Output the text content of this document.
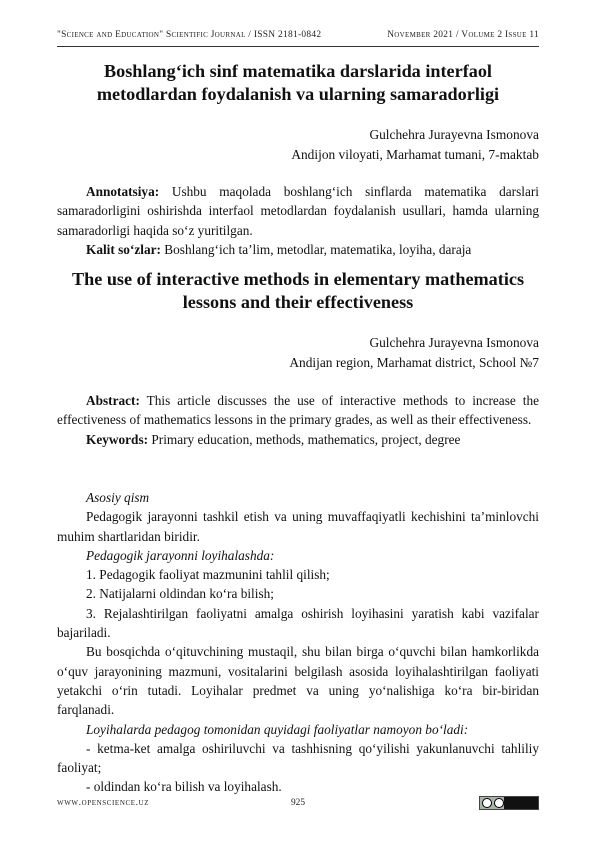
"Science and Education" Scientific Journal / ISSN 2181-0842	November 2021 / Volume 2 Issue 11
Boshlang‘ich sinf matematika darslarida interfaol
metodlardan foydalanish va ularning samaradorligi
Gulchehra Jurayevna Ismonova
Andijon viloyati, Marhamat tumani, 7-maktab

Annotatsiya: Ushbu maqolada boshlang‘ich sinflarda matematika darslari samaradorligini oshirishda interfaol metodlardan foydalanish usullari, hamda ularning samaradorligi haqida so‘z yuritilgan.

Kalit so‘zlar: Boshlang‘ich ta’lim, metodlar, matematika, loyiha, daraja

The use of interactive methods in elementary mathematics
lessons and their effectiveness
Gulchehra Jurayevna Ismonova
Andijan region, Marhamat district, School №7

Abstract: This article discusses the use of interactive methods to increase the effectiveness of mathematics lessons in the primary grades, as well as their effectiveness.

Keywords: Primary education, methods, mathematics, project, degree

Asosiy qism

Pedagogik jarayonni tashkil etish va uning muvaffaqiyatli kechishini ta’minlovchi muhim shartlaridan biridir.

Pedagogik jarayonni loyihalashda:

1. Pedagogik faoliyat mazmunini tahlil qilish;

2. Natijalarni oldindan ko‘ra bilish;

3. Rejalashtirilgan faoliyatni amalga oshirish loyihasini yaratish kabi vazifalar bajariladi.

Bu bosqichda o‘qituvchining mustaqil, shu bilan birga o‘quvchi bilan hamkorlikda o‘quv jarayonining mazmuni, vositalarini belgilash asosida loyihalashtirilgan faoliyati yetakchi o‘rin tutadi. Loyihalar predmet va uning yo‘nalishiga ko‘ra bir-biridan farqlanadi.

Loyihalarda pedagog tomonidan quyidagi faoliyatlar namoyon bo‘ladi:

- ketma-ket amalga oshiriluvchi va tashhisning qo‘yilishi yakunlanuvchi tahliliy faoliyat;

- oldindan ko‘ra bilish va loyihalash.

www.openscience.uz	925
